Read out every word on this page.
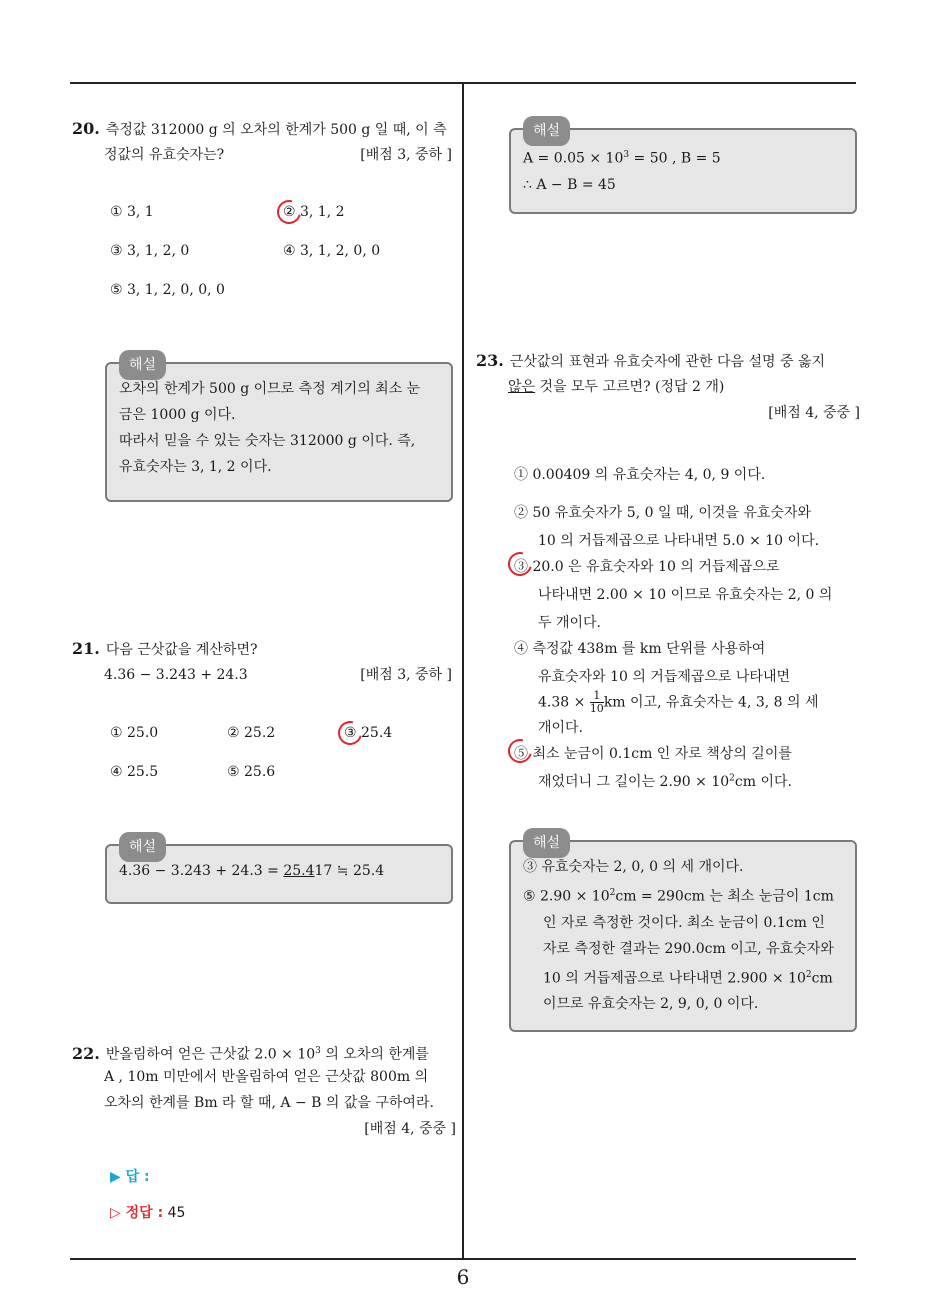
20. 측정값 312000 g 의 오차의 한계가 500 g 일 때, 이 측
정값의 유효숫자는?	[배점 3, 중하 ]
① 3, 1	② 3, 1, 2
③ 3, 1, 2, 0	④ 3, 1, 2, 0, 0
⑤ 3, 1, 2, 0, 0, 0
해설
오차의 한계가 500 g 이므로 측정 계기의 최소 눈
금은 1000 g 이다.
따라서 믿을 수 있는 숫자는 312000 g 이다. 즉,
유효숫자는 3, 1, 2 이다.
21. 다음 근삿값을 계산하면?
4.36 − 3.243 + 24.3	[배점 3, 중하 ]
① 25.0	② 25.2	③ 25.4
④ 25.5	⑤ 25.6
해설
4.36 − 3.243 + 24.3 = 25.417 ≒ 25.4
22. 반올림하여 얻은 근삿값 $2.0 \times 10^3$ 의 오차의 한계를
A , 10m 미만에서 반올림하여 얻은 근삿값 800m 의
오차의 한계를 Bm 라 할 때, A − B 의 값을 구하여라.
[배점 4, 중중 ]
▶ 답 :
▷ 정답 : 45
해설
$A = 0.05 \times 10^3 = 50$ , B = 5
∴ A − B = 45
23. 근삿값의 표현과 유효숫자에 관한 다음 설명 중 옳지
않은 것을 모두 고르면? (정답 2 개)
[배점 4, 중중 ]
① 0.00409 의 유효숫자는 4, 0, 9 이다.
② 50 유효숫자가 5, 0 일 때, 이것을 유효숫자와
10 의 거듭제곱으로 나타내면 5.0 × 10 이다.
③ 20.0 은 유효숫자와 10 의 거듭제곱으로
나타내면 2.00 × 10 이므로 유효숫자는 2, 0 의
두 개이다.
④ 측정값 438m 를 km 단위를 사용하여
유효숫자와 10 의 거듭제곱으로 나타내면
$4.38 \times \frac{1}{10}$ km 이고, 유효숫자는 4, 3, 8 의 세
개이다.
⑤ 최소 눈금이 0.1cm 인 자로 책상의 길이를
재었더니 그 길이는 $2.90 \times 10^2cm$ 이다.
해설
③ 유효숫자는 2, 0, 0 의 세 개이다.
⑤ $2.90 \times 10^2cm = 290cm$ 는 최소 눈금이 1cm
인 자로 측정한 것이다. 최소 눈금이 0.1cm 인
자로 측정한 결과는 290.0cm 이고, 유효숫자와
10 의 거듭제곱으로 나타내면 $2.900 \times 10^2cm$
이므로 유효숫자는 2, 9, 0, 0 이다.
6
